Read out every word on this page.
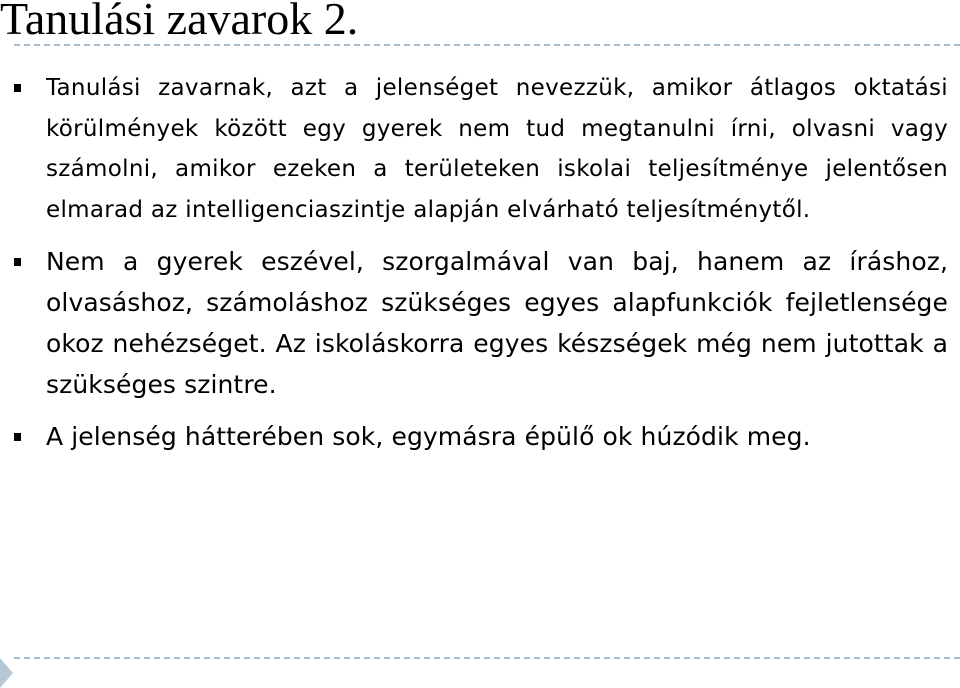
Tanulási zavarok 2.
Tanulási zavarnak, azt a jelenséget nevezzük, amikor átlagos oktatási körülmények között egy gyerek nem tud megtanulni írni, olvasni vagy számolni, amikor ezeken a területeken iskolai teljesítménye jelentősen elmarad az intelligenciaszintje alapján elvárható teljesítménytől.
Nem a gyerek eszével, szorgalmával van baj, hanem az íráshoz, olvasáshoz, számoláshoz szükséges egyes alapfunkciók fejletlensége okoz nehézséget. Az iskoláskorra egyes készségek még nem jutottak a szükséges szintre.
A jelenség hátterében sok, egymásra épülő ok húzódik meg.
